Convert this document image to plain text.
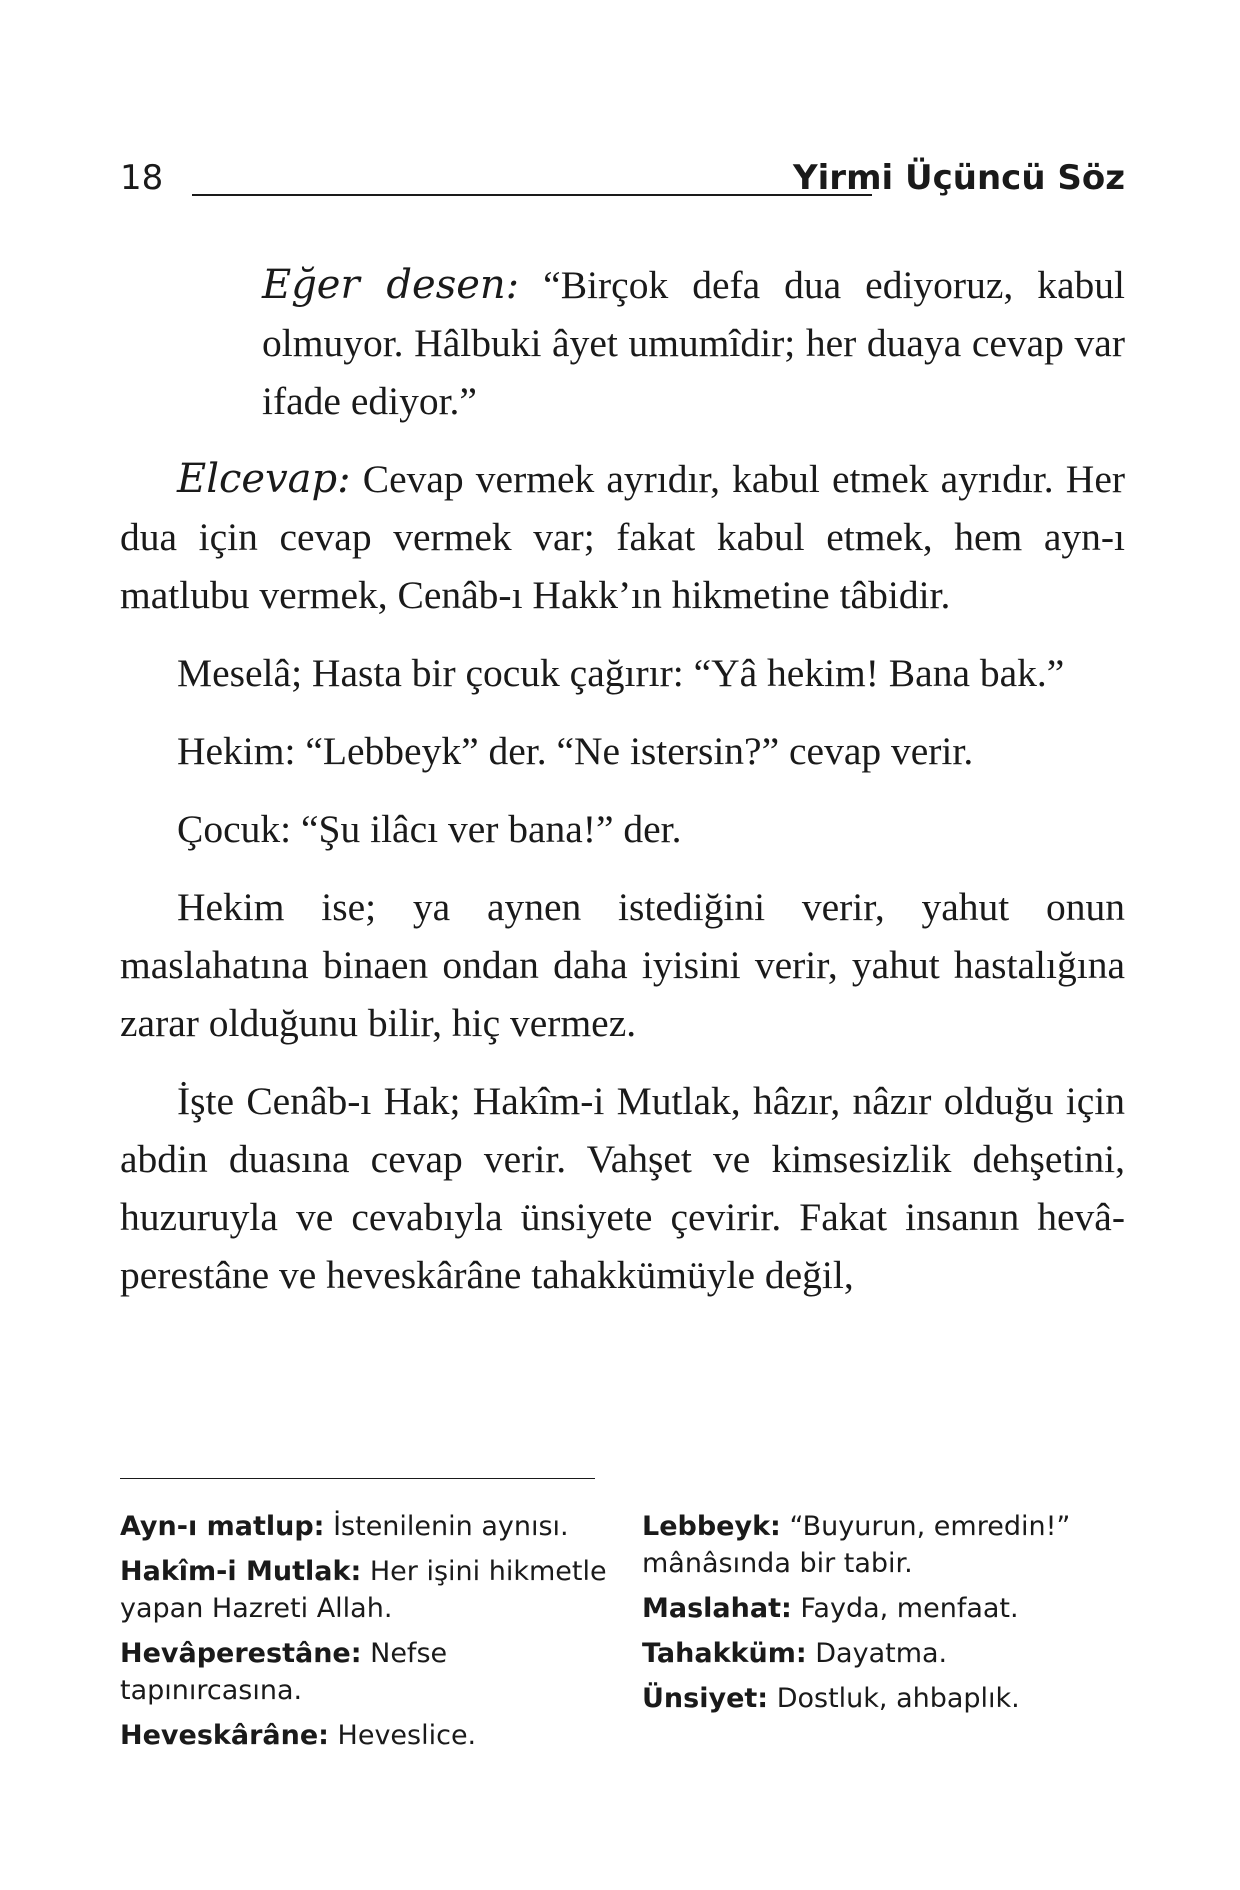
18	Yirmi Üçüncü Söz

Eğer desen: “Birçok defa dua ediyoruz, kabul olmuyor. Hâlbuki âyet umumîdir; her duaya cevap var ifade ediyor.”

Elcevap: Cevap vermek ayrıdır, kabul etmek ayrıdır. Her dua için cevap vermek var; fakat kabul etmek, hem ayn-ı matlubu vermek, Cenâb-ı Hakk’ın hikmetine tâbidir.

Meselâ; Hasta bir çocuk çağırır: “Yâ hekim! Bana bak.”

Hekim: “Lebbeyk” der. “Ne istersin?” cevap verir.

Çocuk: “Şu ilâcı ver bana!” der.

Hekim ise; ya aynen istediğini verir, yahut onun maslahatına binaen ondan daha iyisini verir, yahut hastalığına zarar olduğunu bilir, hiç vermez.

İşte Cenâb-ı Hak; Hakîm-i Mutlak, hâzır, nâzır olduğu için abdin duasına cevap verir. Vahşet ve kimsesizlik dehşetini, huzuruyla ve cevabıyla ünsiyete çevirir. Fakat insanın hevâ-perestâne ve heveskârâne tahakkümüyle değil,

Ayn-ı matlup: İstenilenin aynısı.

Hakîm-i Mutlak: Her işini hikmetle yapan Hazreti Allah.

Hevâperestâne: Nefse tapınırcasına.

Heveskârâne: Heveslice.

Lebbeyk: “Buyurun, emredin!” mânâsında bir tabir.

Maslahat: Fayda, menfaat.

Tahakküm: Dayatma.

Ünsiyet: Dostluk, ahbaplık.
